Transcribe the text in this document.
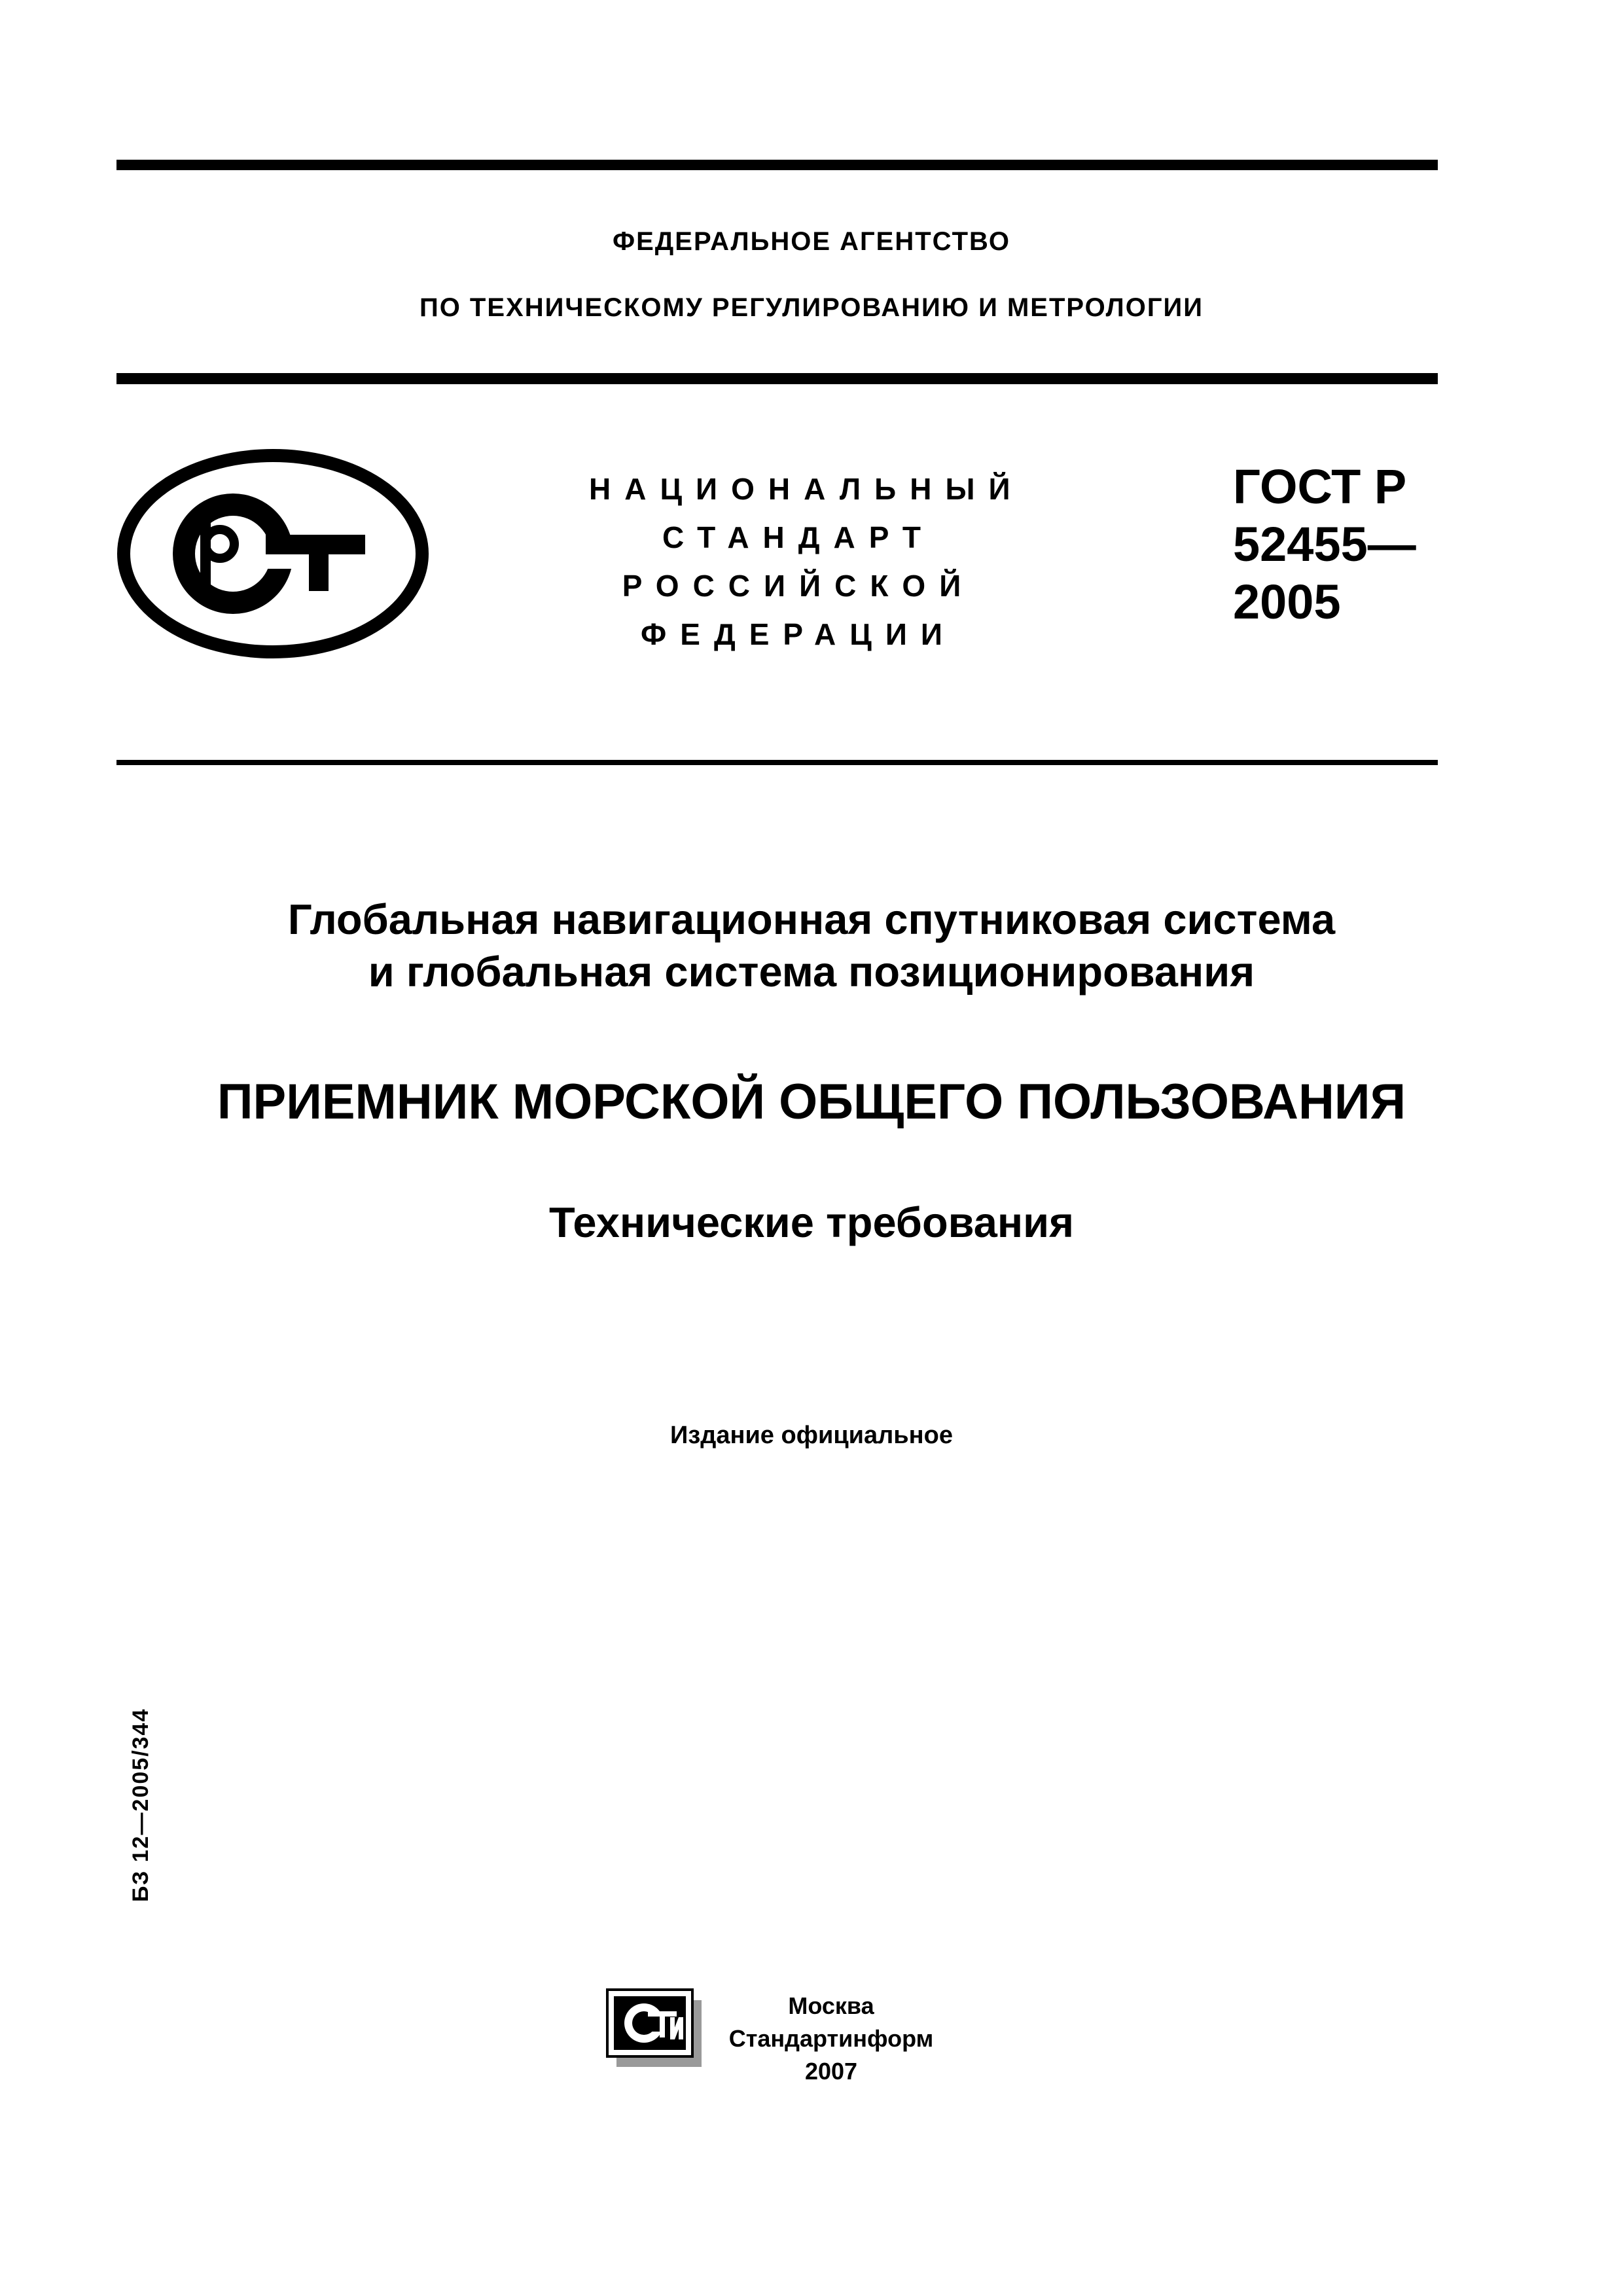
ФЕДЕРАЛЬНОЕ АГЕНТСТВО
ПО ТЕХНИЧЕСКОМУ РЕГУЛИРОВАНИЮ И МЕТРОЛОГИИ
НАЦИОНАЛЬНЫЙ
СТАНДАРТ
РОССИЙСКОЙ
ФЕДЕРАЦИИ
ГОСТ Р
52455—
2005
Глобальная навигационная спутниковая система
и глобальная система позиционирования
ПРИЕМНИК МОРСКОЙ ОБЩЕГО ПОЛЬЗОВАНИЯ
Технические требования
Издание официальное
БЗ 12—2005/344
Москва
Стандартинформ
2007
